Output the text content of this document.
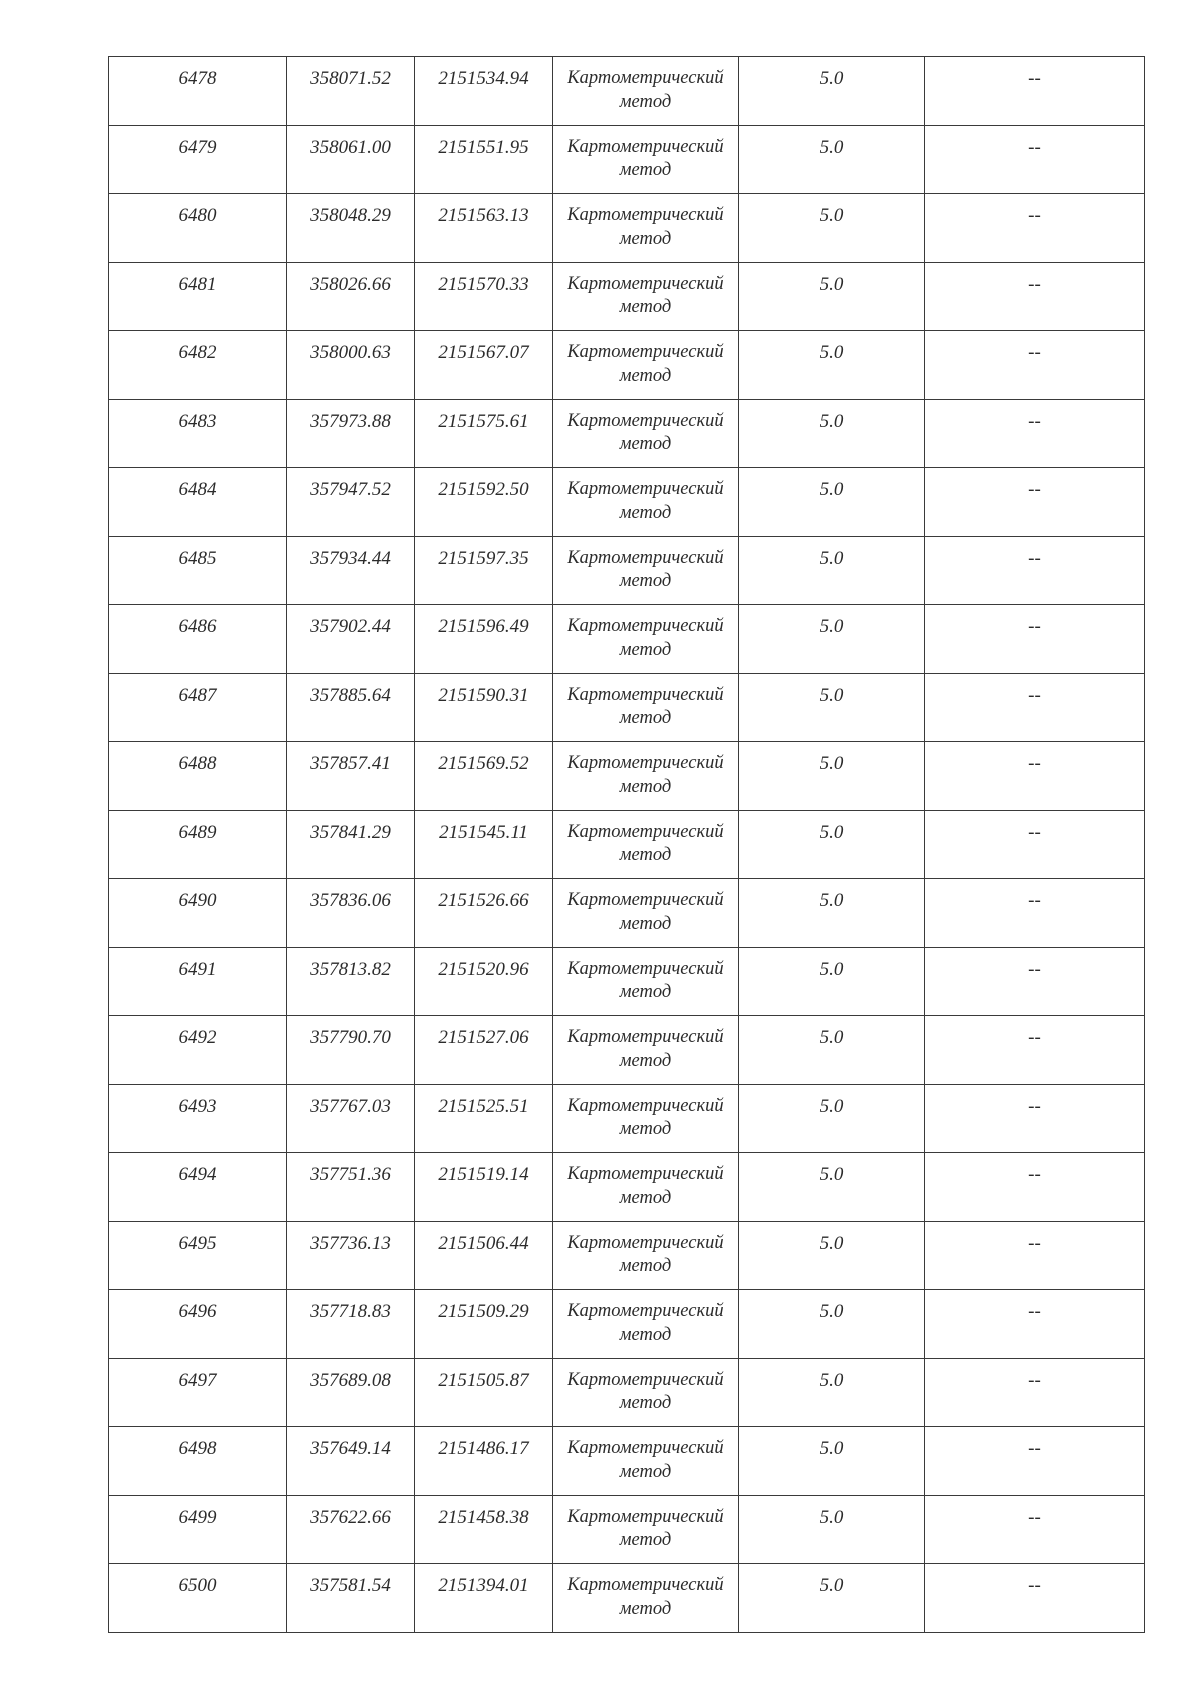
6478	358071.52	2151534.94	Картометрический
метод	5.0	--

6479	358061.00	2151551.95	Картометрический
метод	5.0	--

6480	358048.29	2151563.13	Картометрический
метод	5.0	--

6481	358026.66	2151570.33	Картометрический
метод	5.0	--

6482	358000.63	2151567.07	Картометрический
метод	5.0	--

6483	357973.88	2151575.61	Картометрический
метод	5.0	--

6484	357947.52	2151592.50	Картометрический
метод	5.0	--

6485	357934.44	2151597.35	Картометрический
метод	5.0	--

6486	357902.44	2151596.49	Картометрический
метод	5.0	--

6487	357885.64	2151590.31	Картометрический
метод	5.0	--

6488	357857.41	2151569.52	Картометрический
метод	5.0	--

6489	357841.29	2151545.11	Картометрический
метод	5.0	--

6490	357836.06	2151526.66	Картометрический
метод	5.0	--

6491	357813.82	2151520.96	Картометрический
метод	5.0	--

6492	357790.70	2151527.06	Картометрический
метод	5.0	--

6493	357767.03	2151525.51	Картометрический
метод	5.0	--

6494	357751.36	2151519.14	Картометрический
метод	5.0	--

6495	357736.13	2151506.44	Картометрический
метод	5.0	--

6496	357718.83	2151509.29	Картометрический
метод	5.0	--

6497	357689.08	2151505.87	Картометрический
метод	5.0	--

6498	357649.14	2151486.17	Картометрический
метод	5.0	--

6499	357622.66	2151458.38	Картометрический
метод	5.0	--

6500	357581.54	2151394.01	Картометрический
метод	5.0	--
